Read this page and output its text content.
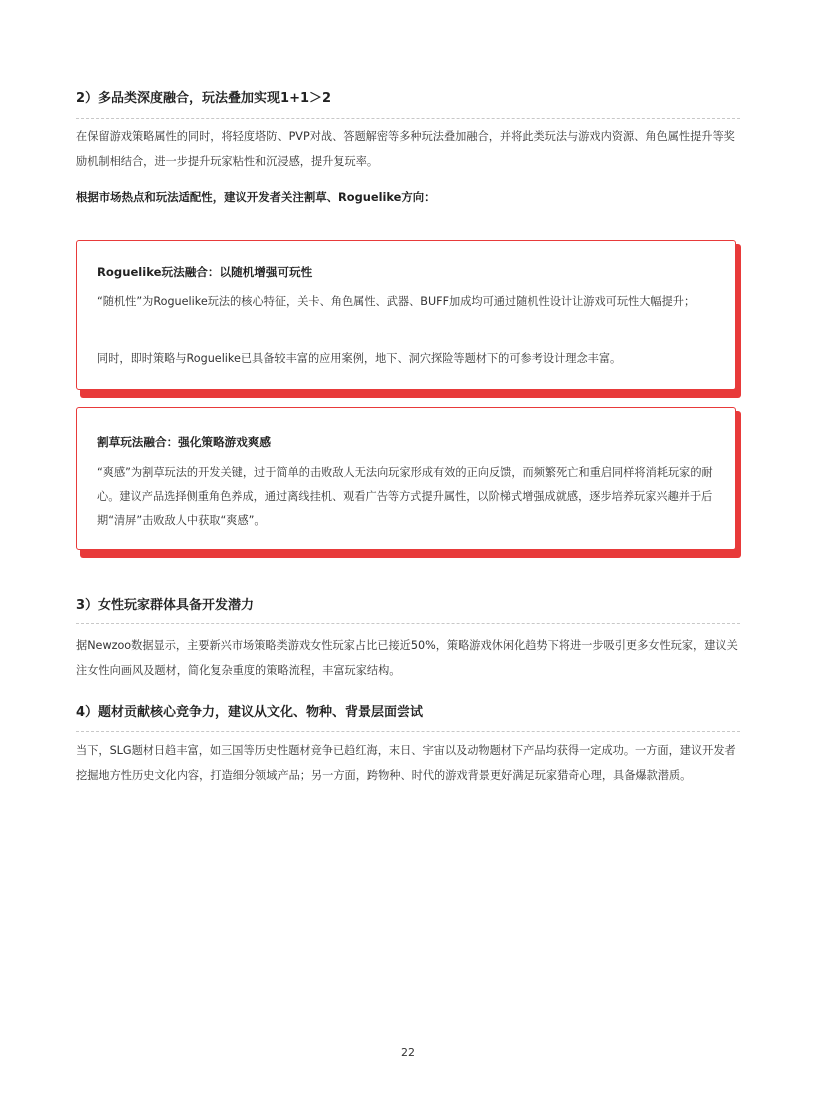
2）多品类深度融合，玩法叠加实现1+1＞2

在保留游戏策略属性的同时，将轻度塔防、PVP对战、答题解密等多种玩法叠加融合，并将此类玩法与游戏内资源、角色属性提升等奖励机制相结合，进一步提升玩家粘性和沉浸感，提升复玩率。

根据市场热点和玩法适配性，建议开发者关注割草、Roguelike方向：
Roguelike玩法融合：以随机增强可玩性

“随机性”为Roguelike玩法的核心特征，关卡、角色属性、武器、BUFF加成均可通过随机性设计让游戏可玩性大幅提升；

同时，即时策略与Roguelike已具备较丰富的应用案例，地下、洞穴探险等题材下的可参考设计理念丰富。

割草玩法融合：强化策略游戏爽感

“爽感”为割草玩法的开发关键，过于简单的击败敌人无法向玩家形成有效的正向反馈，而频繁死亡和重启同样将消耗玩家的耐心。建议产品选择侧重角色养成，通过离线挂机、观看广告等方式提升属性，以阶梯式增强成就感，逐步培养玩家兴趣并于后期“清屏”击败敌人中获取“爽感”。

3）女性玩家群体具备开发潜力

据Newzoo数据显示，主要新兴市场策略类游戏女性玩家占比已接近50%，策略游戏休闲化趋势下将进一步吸引更多女性玩家，建议关注女性向画风及题材，简化复杂重度的策略流程，丰富玩家结构。

4）题材贡献核心竞争力，建议从文化、物种、背景层面尝试

当下，SLG题材日趋丰富，如三国等历史性题材竞争已趋红海，末日、宇宙以及动物题材下产品均获得一定成功。一方面，建议开发者挖掘地方性历史文化内容，打造细分领域产品；另一方面，跨物种、时代的游戏背景更好满足玩家猎奇心理，具备爆款潜质。

22
